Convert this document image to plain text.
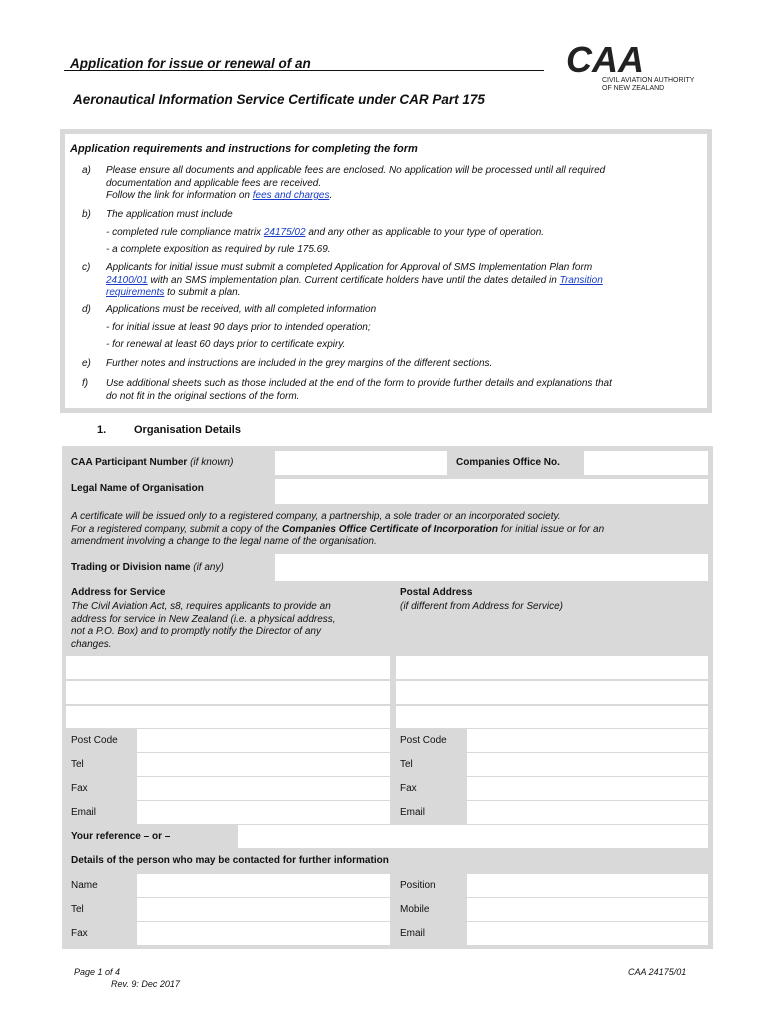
Application for issue or renewal of an
Aeronautical Information Service Certificate under CAR Part 175
CAA
CIVIL AVIATION AUTHORITY
OF NEW ZEALAND
Application requirements and instructions for completing the form
a) Please ensure all documents and applicable fees are enclosed. No application will be processed until all required
documentation and applicable fees are received.
Follow the link for information on fees and charges.
b) The application must include
- completed rule compliance matrix 24175/02 and any other as applicable to your type of operation.
- a complete exposition as required by rule 175.69.
c) Applicants for initial issue must submit a completed Application for Approval of SMS Implementation Plan form
24100/01 with an SMS implementation plan. Current certificate holders have until the dates detailed in Transition
requirements to submit a plan.
d) Applications must be received, with all completed information
- for initial issue at least 90 days prior to intended operation;
- for renewal at least 60 days prior to certificate expiry.
e) Further notes and instructions are included in the grey margins of the different sections.
f) Use additional sheets such as those included at the end of the form to provide further details and explanations that
do not fit in the original sections of the form.
1.	Organisation Details
CAA Participant Number (if known)	Companies Office No.
Legal Name of Organisation
A certificate will be issued only to a registered company, a partnership, a sole trader or an incorporated society.
For a registered company, submit a copy of the Companies Office Certificate of Incorporation for initial issue or for an
amendment involving a change to the legal name of the organisation.
Trading or Division name (if any)
Address for Service
The Civil Aviation Act, s8, requires applicants to provide an
address for service in New Zealand (i.e. a physical address,
not a P.O. Box) and to promptly notify the Director of any
changes.
Postal Address
(if different from Address for Service)
Post Code
Tel
Fax
Email
Post Code
Tel
Fax
Email
Your reference – or –
Details of the person who may be contacted for further information
Name
Tel
Fax
Position
Mobile
Email
Page 1 of 4
Rev. 9: Dec 2017
CAA 24175/01
